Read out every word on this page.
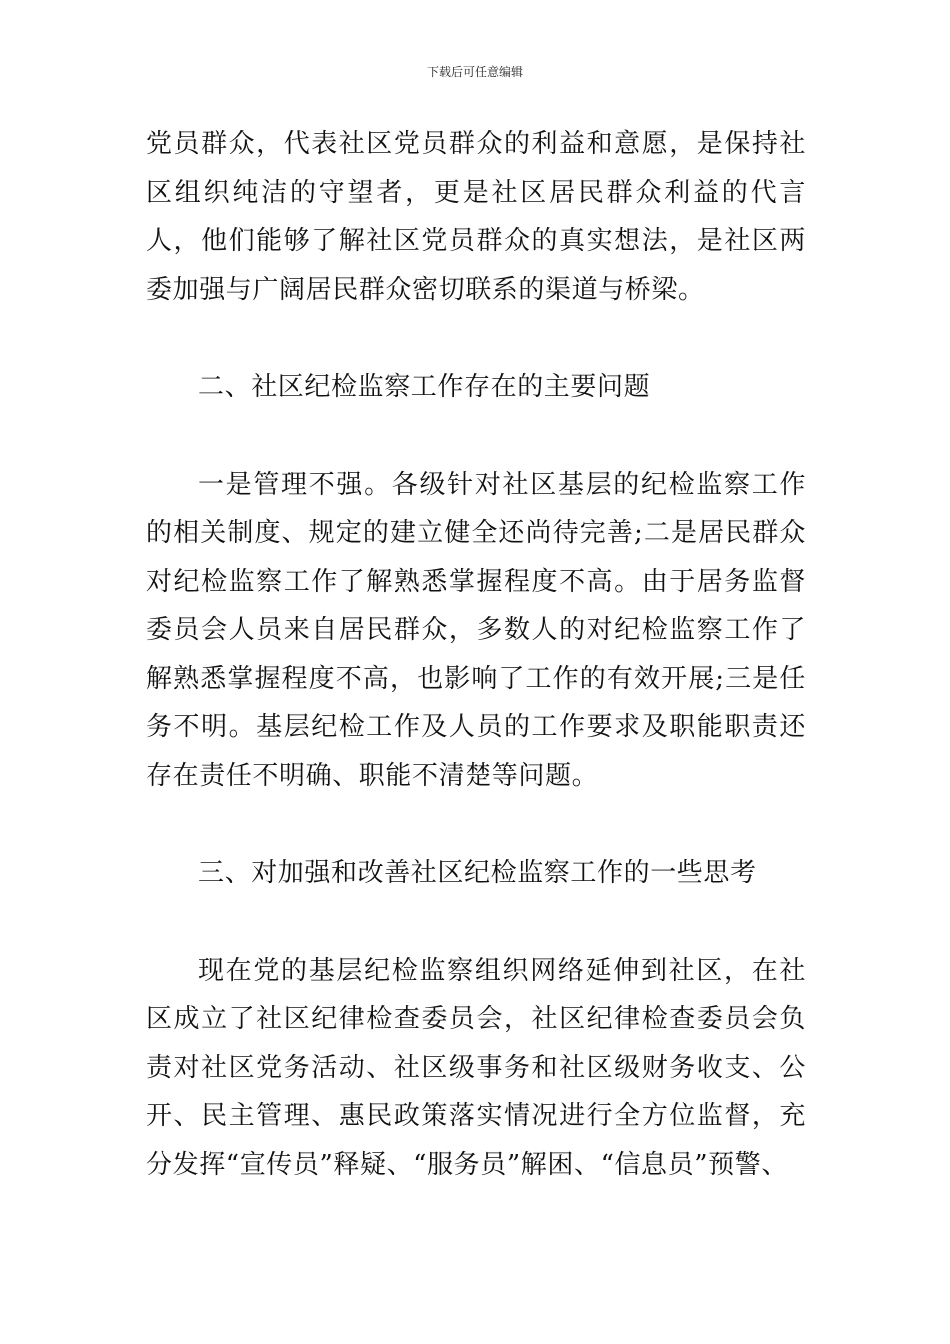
下载后可任意编辑

党员群众，代表社区党员群众的利益和意愿，是保持社区组织纯洁的守望者，更是社区居民群众利益的代言人，他们能够了解社区党员群众的真实想法，是社区两委加强与广阔居民群众密切联系的渠道与桥梁。

二、社区纪检监察工作存在的主要问题

一是管理不强。各级针对社区基层的纪检监察工作的相关制度、规定的建立健全还尚待完善;二是居民群众对纪检监察工作了解熟悉掌握程度不高。由于居务监督委员会人员来自居民群众，多数人的对纪检监察工作了解熟悉掌握程度不高，也影响了工作的有效开展;三是任务不明。基层纪检工作及人员的工作要求及职能职责还存在责任不明确、职能不清楚等问题。

三、对加强和改善社区纪检监察工作的一些思考

现在党的基层纪检监察组织网络延伸到社区，在社区成立了社区纪律检查委员会，社区纪律检查委员会负责对社区党务活动、社区级事务和社区级财务收支、公开、民主管理、惠民政策落实情况进行全方位监督，充分发挥“宣传员”释疑、“服务员”解困、“信息员”预警、
